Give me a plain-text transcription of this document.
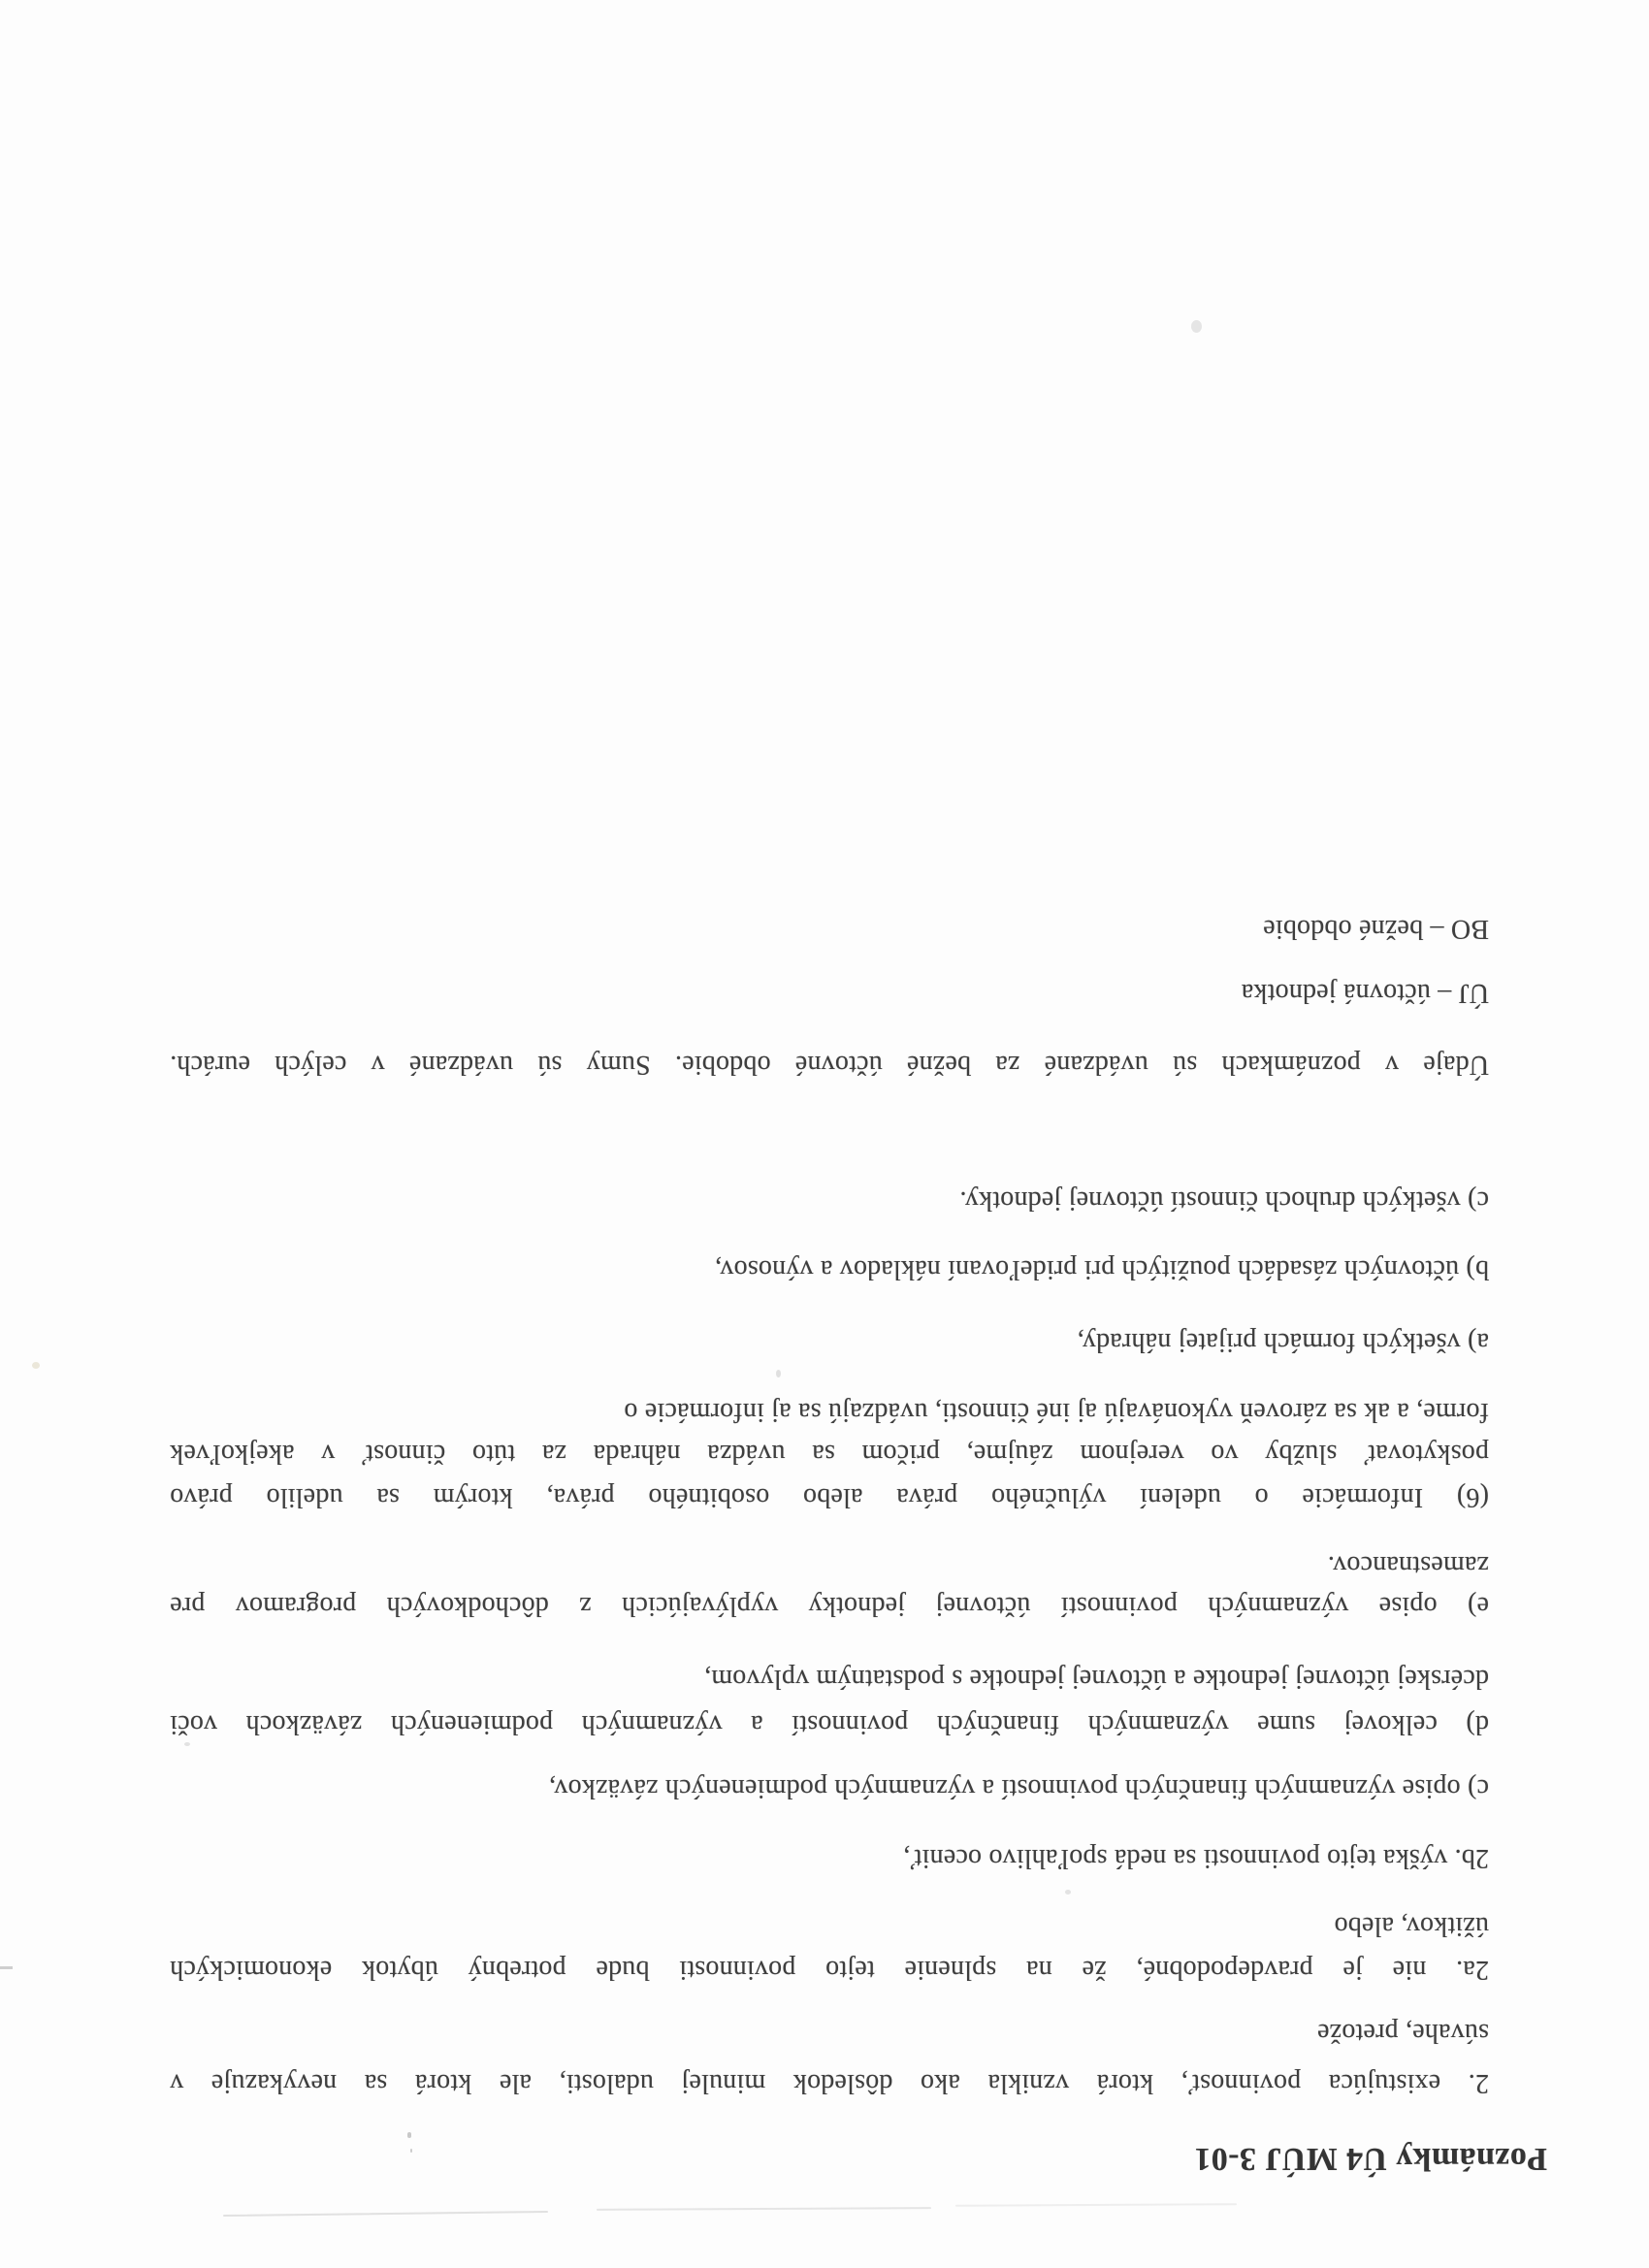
Poznámky Ú4 MÚJ 3-01
2. existujúca povinnosť, ktorá vznikla ako dôsledok minulej udalosti, ale ktorá sa nevykazuje v
súvahe, pretože
2a. nie je pravdepodobné, že na splnenie tejto povinnosti bude potrebný úbytok ekonomických
úžitkov, alebo
2b. výška tejto povinnosti sa nedá spoľahlivo oceniť,
c) opise významných finančných povinností a významných podmienených záväzkov,
d) celkovej sume významných finančných povinností a významných podmienených záväzkoch voči
dcérskej účtovnej jednotke a účtovnej jednotke s podstatným vplyvom,
e) opise významných povinností účtovnej jednotky vyplývajúcich z dôchodkových programov pre
zamestnancov.
(6) Informácie o udelení výlučného práva alebo osobitného práva, ktorým sa udelilo právo
poskytovať služby vo verejnom záujme, pričom sa uvádza náhrada za túto činnosť v akejkoľvek
forme, a ak sa zároveň vykonávajú aj iné činnosti, uvádzajú sa aj informácie o
a) všetkých formách prijatej náhrady,
b) účtovných zásadách použitých pri prideľovaní nákladov a výnosov,
c) všetkých druhoch činností účtovnej jednotky.
Údaje v poznámkach sú uvádzané za bežné účtovné obdobie. Sumy sú uvádzané v celých eurách.
ÚJ – účtovná jednotka
BO – bežné obdobie
